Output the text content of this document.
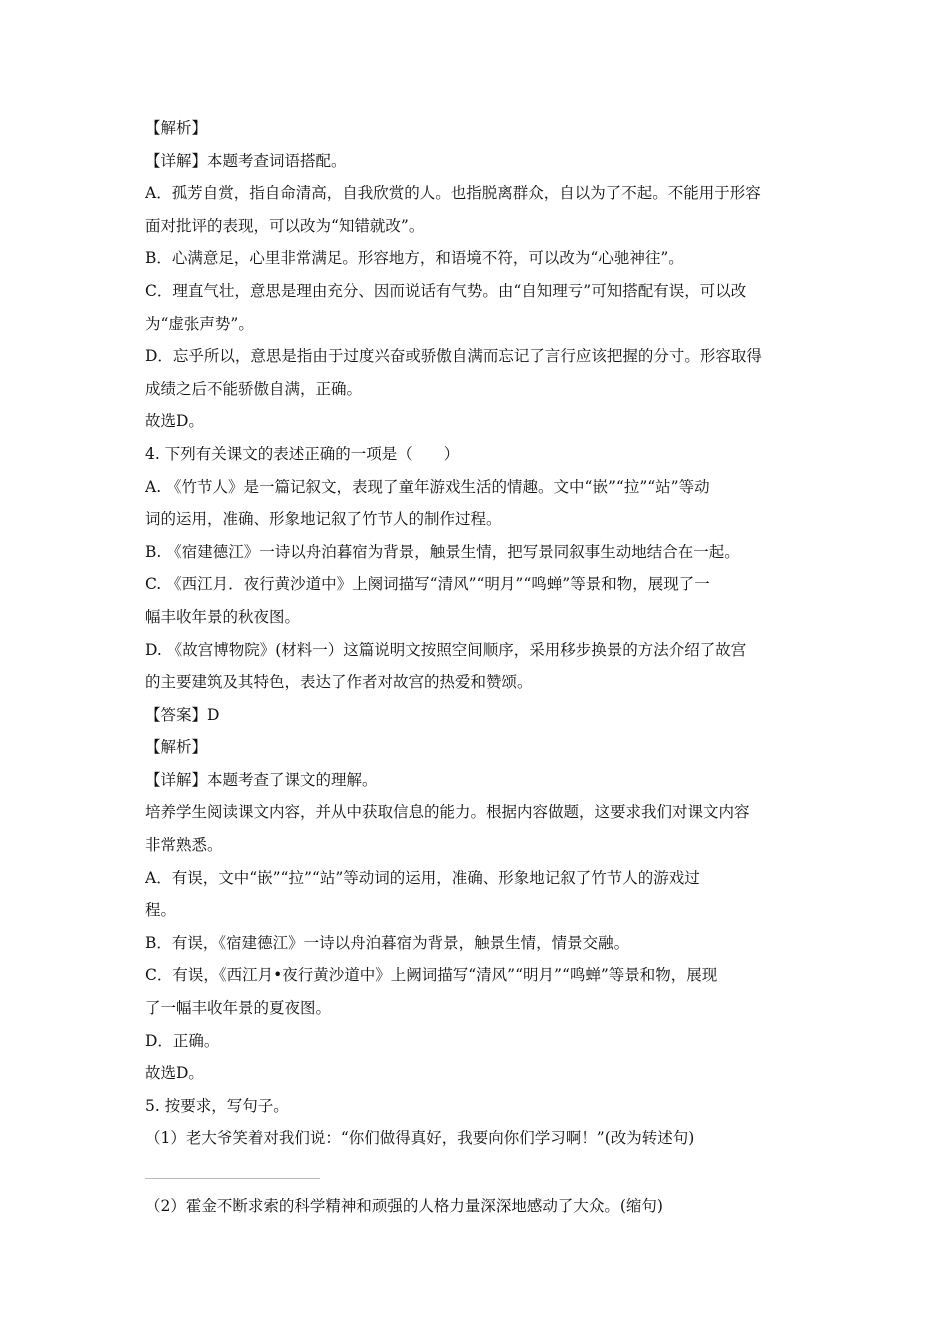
【解析】
【详解】本题考查词语搭配。
A．孤芳自赏，指自命清高，自我欣赏的人。也指脱离群众，自以为了不起。不能用于形容
面对批评的表现，可以改为“知错就改”。
B．心满意足，心里非常满足。形容地方，和语境不符，可以改为“心驰神往”。
C．理直气壮，意思是理由充分、因而说话有气势。由“自知理亏”可知搭配有误，可以改
为“虚张声势”。
D．忘乎所以，意思是指由于过度兴奋或骄傲自满而忘记了言行应该把握的分寸。形容取得
成绩之后不能骄傲自满，正确。
故选D。
4. 下列有关课文的表述正确的一项是（　　）
A. 《竹节人》是一篇记叙文，表现了童年游戏生活的情趣。文中“嵌”“拉”“站”等动
词的运用，准确、形象地记叙了竹节人的制作过程。
B. 《宿建德江》一诗以舟泊暮宿为背景，触景生情，把写景同叙事生动地结合在一起。
C. 《西江月．夜行黄沙道中》上阕词描写“清风”“明月”“鸣蝉”等景和物，展现了一
幅丰收年景的秋夜图。
D. 《故宫博物院》(材料一）这篇说明文按照空间顺序，采用移步换景的方法介绍了故宫
的主要建筑及其特色，表达了作者对故宫的热爱和赞颂。
【答案】D
【解析】
【详解】本题考查了课文的理解。
培养学生阅读课文内容，并从中获取信息的能力。根据内容做题，这要求我们对课文内容
非常熟悉。
A．有误，文中“嵌”“拉”“站”等动词的运用，准确、形象地记叙了竹节人的游戏过
程。
B．有误，《宿建德江》一诗以舟泊暮宿为背景，触景生情，情景交融。
C．有误，《西江月•夜行黄沙道中》上阙词描写“清风”“明月”“鸣蝉”等景和物，展现
了一幅丰收年景的夏夜图。
D．正确。
故选D。
5. 按要求，写句子。
（1）老大爷笑着对我们说：“你们做得真好，我要向你们学习啊！”(改为转述句)
（2）霍金不断求索的科学精神和顽强的人格力量深深地感动了大众。(缩句)
